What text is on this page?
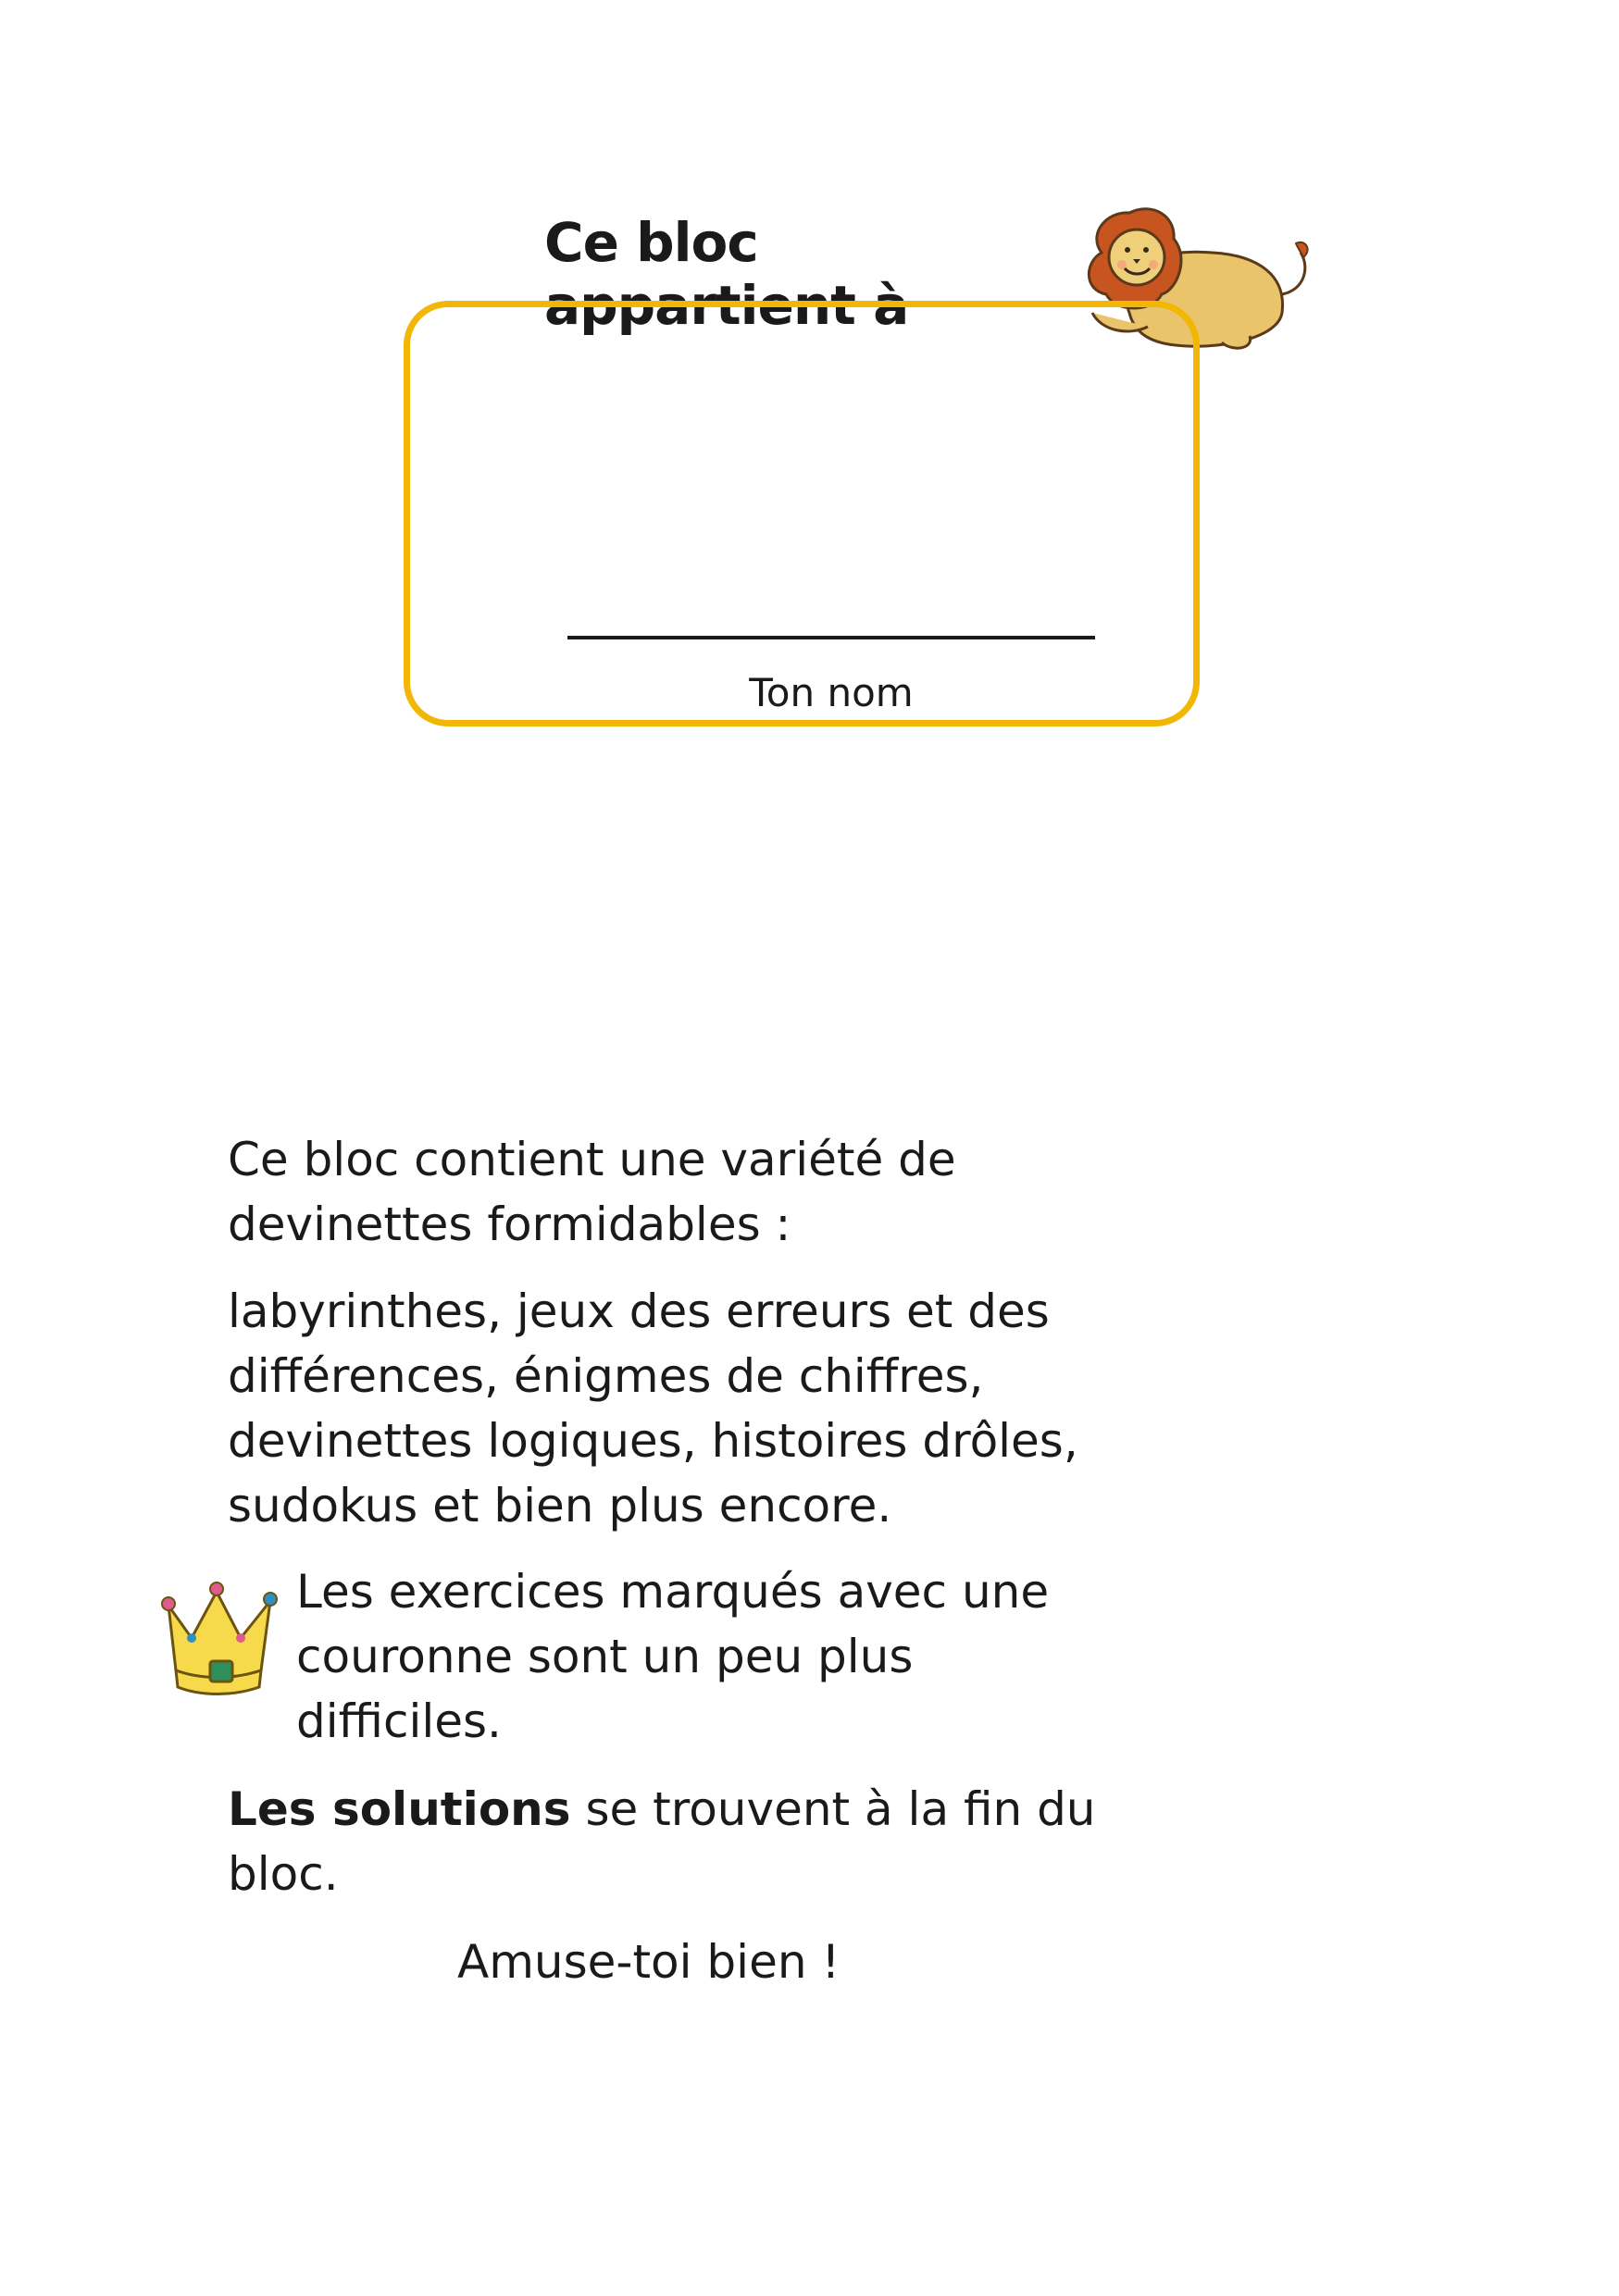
Ce bloc appartient à
Ton nom

Ce bloc contient une variété de
devinettes formidables :

labyrinthes, jeux des erreurs et des
différences, énigmes de chiffres,
devinettes logiques, histoires drôles,
sudokus et bien plus encore.

Les exercices marqués avec une
couronne sont un peu plus
difficiles.

Les solutions se trouvent à la fin du
bloc.

Amuse-toi bien !
